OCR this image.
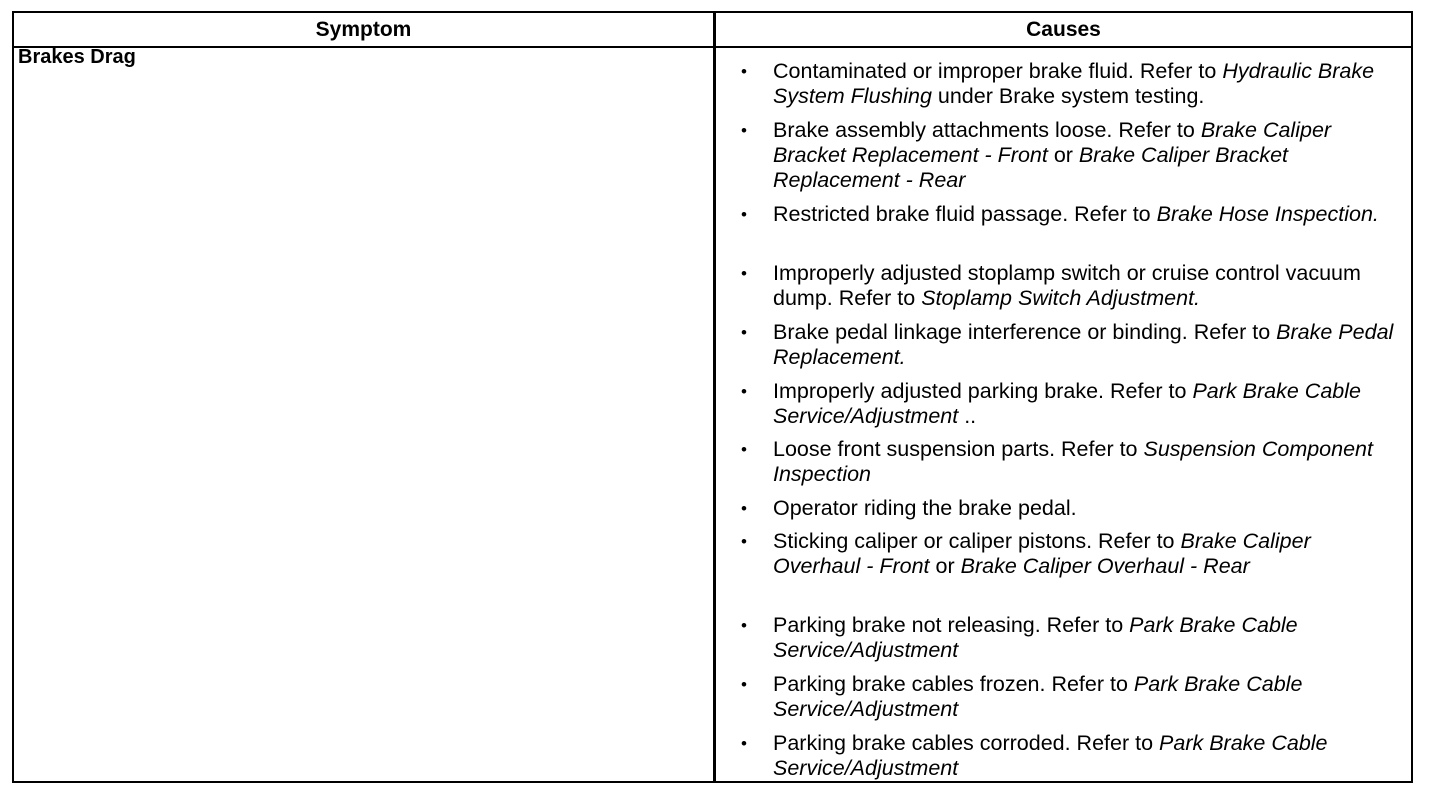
Symptom	Causes
Brakes Drag
•	Contaminated or improper brake fluid. Refer to Hydraulic Brake System Flushing under Brake system testing.
•	Brake assembly attachments loose. Refer to Brake Caliper Bracket Replacement - Front or Brake Caliper Bracket Replacement - Rear
•	Restricted brake fluid passage. Refer to Brake Hose Inspection.
•	Improperly adjusted stoplamp switch or cruise control vacuum dump. Refer to Stoplamp Switch Adjustment.
•	Brake pedal linkage interference or binding. Refer to Brake Pedal Replacement.
•	Improperly adjusted parking brake. Refer to Park Brake Cable Service/Adjustment ..
•	Loose front suspension parts. Refer to Suspension Component Inspection
•	Operator riding the brake pedal.
•	Sticking caliper or caliper pistons. Refer to Brake Caliper Overhaul - Front or Brake Caliper Overhaul - Rear
•	Parking brake not releasing. Refer to Park Brake Cable Service/Adjustment
•	Parking brake cables frozen. Refer to Park Brake Cable Service/Adjustment
•	Parking brake cables corroded. Refer to Park Brake Cable Service/Adjustment
